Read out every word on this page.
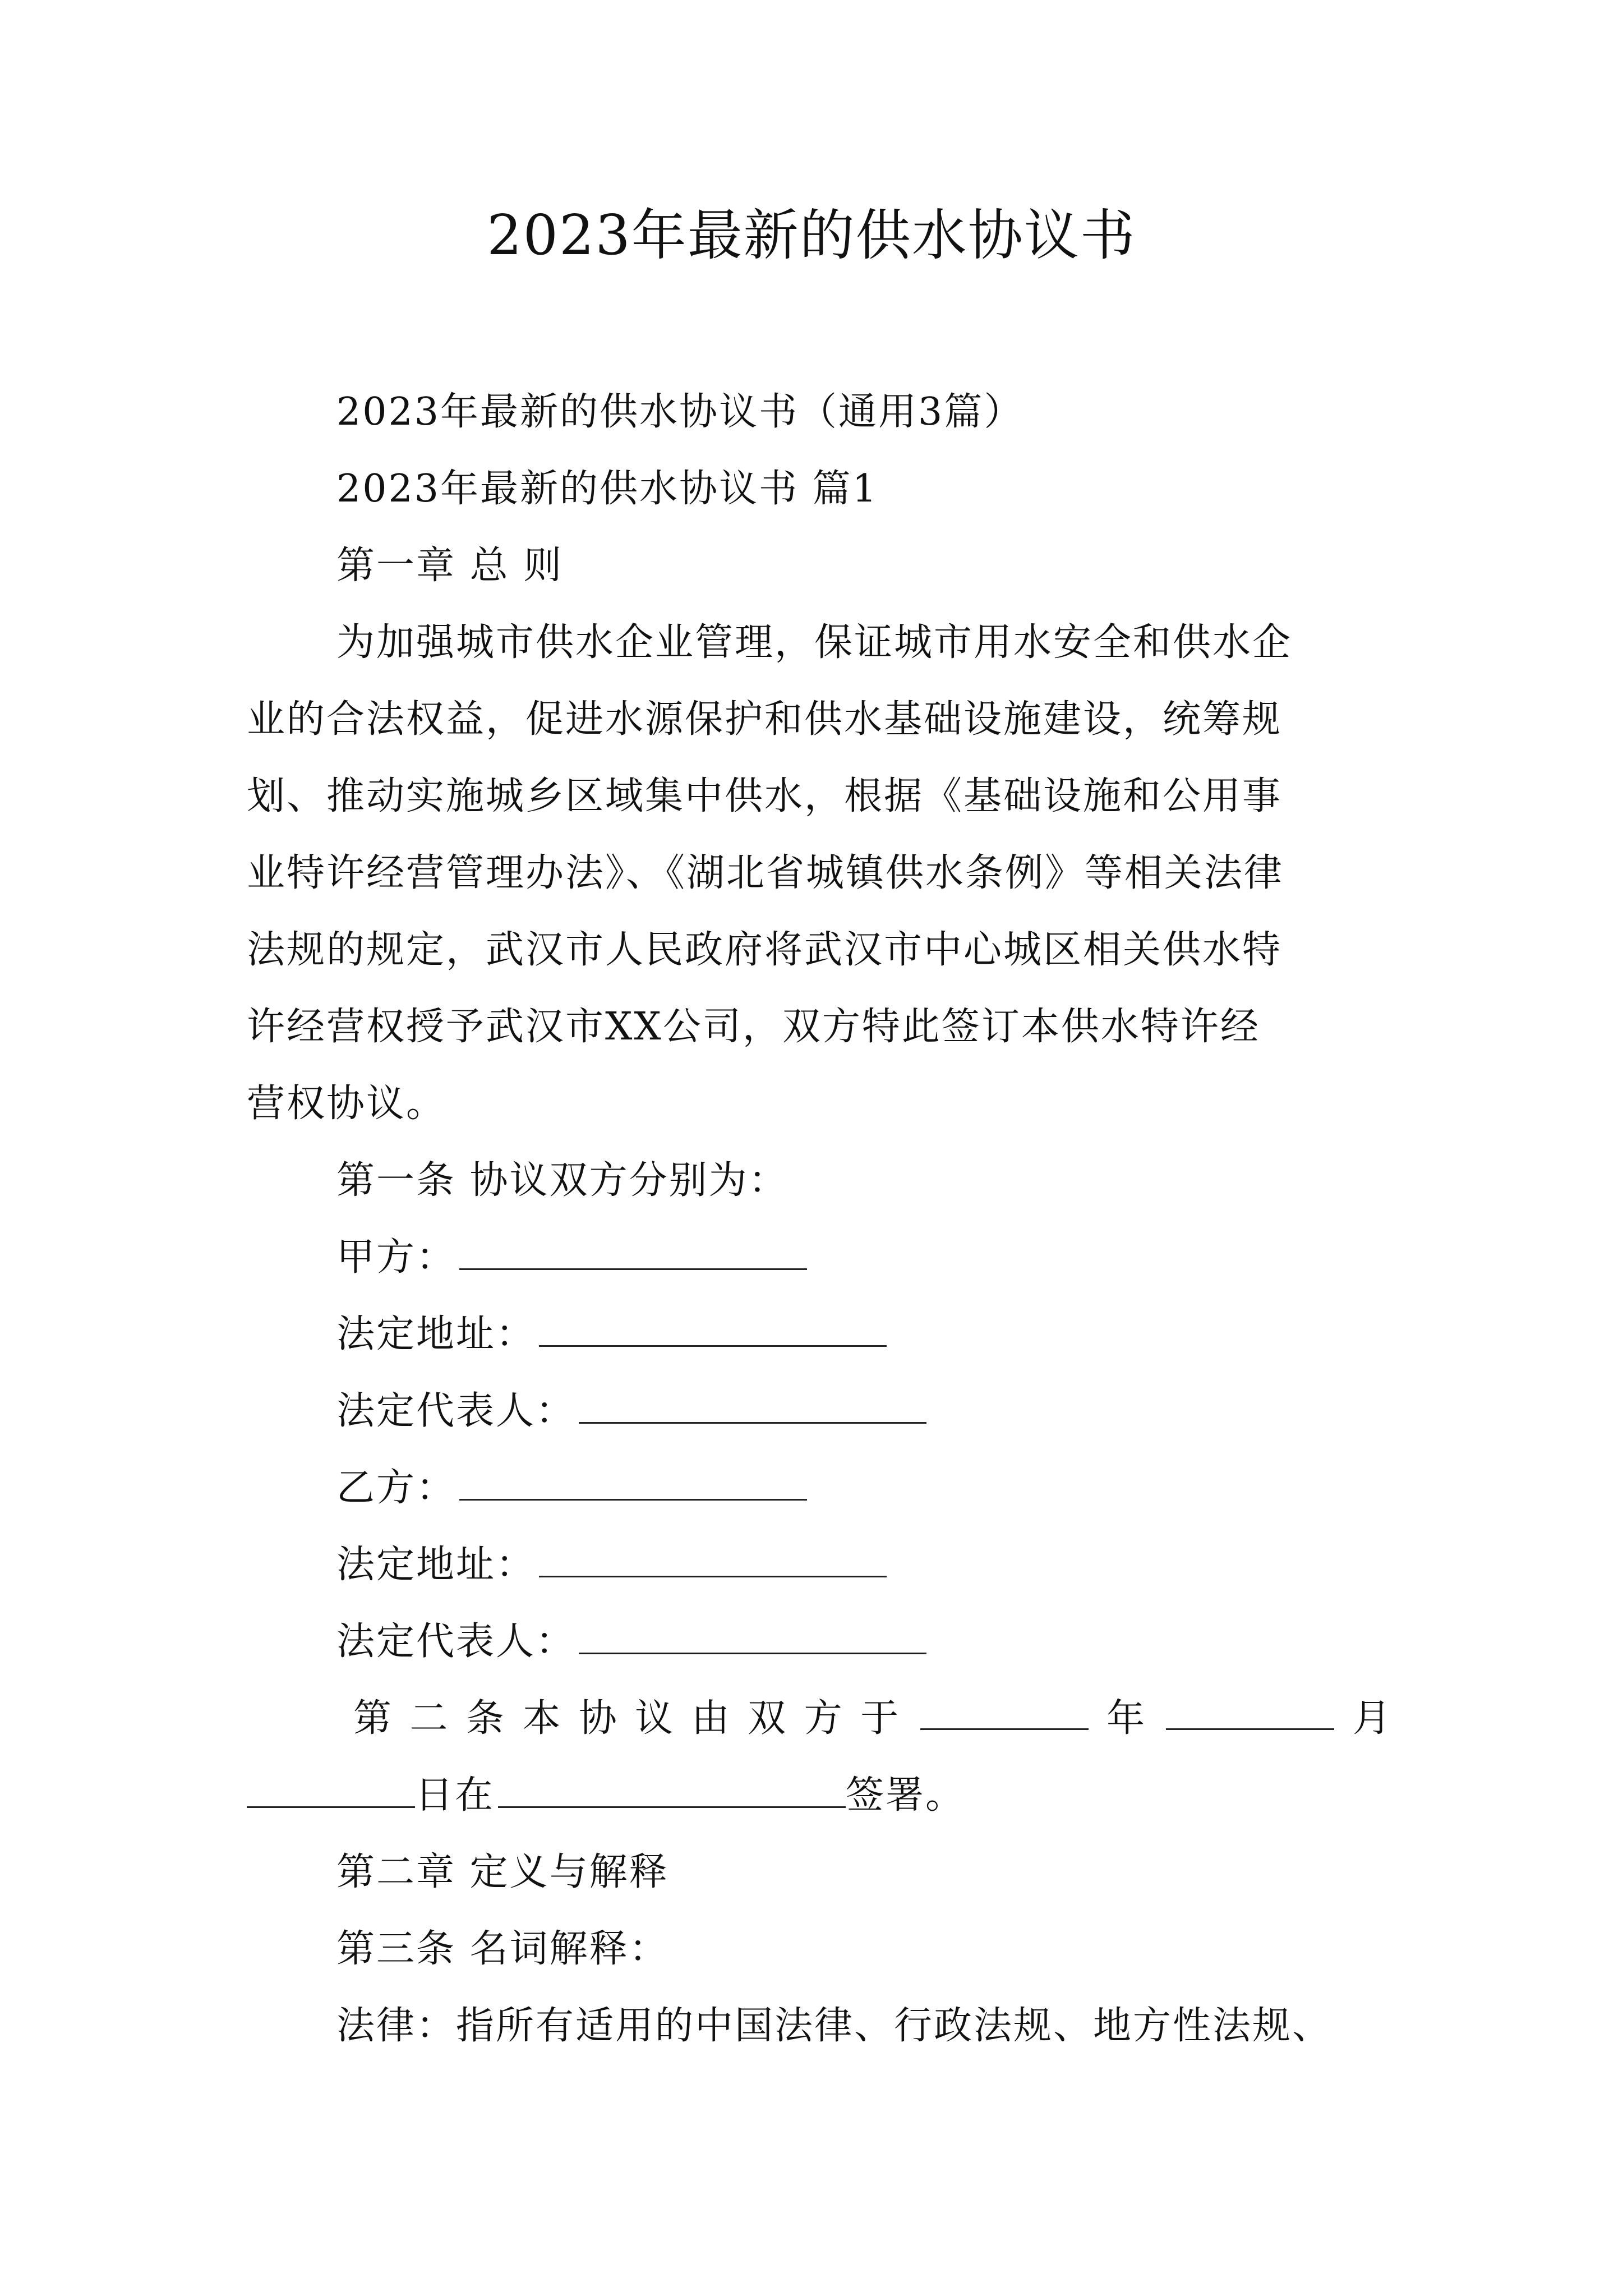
2023年最新的供水协议书
2023年最新的供水协议书（通用3篇）
2023年最新的供水协议书 篇1
第一章 总 则
为加强城市供水企业管理，保证城市用水安全和供水企
业的合法权益，促进水源保护和供水基础设施建设，统筹规
划、推动实施城乡区域集中供水，根据《基础设施和公用事
业特许经营管理办法》、《湖北省城镇供水条例》等相关法律
法规的规定，武汉市人民政府将武汉市中心城区相关供水特
许经营权授予武汉市XX公司，双方特此签订本供水特许经
营权协议。
第一条 协议双方分别为：
甲方：
法定地址：
法定代表人：
乙方：
法定地址：
法定代表人：
第 二 条 本 协 议 由 双 方 于	年	月
日在	签署。
第二章 定义与解释
第三条 名词解释：
法律：指所有适用的中国法律、行政法规、地方性法规、
